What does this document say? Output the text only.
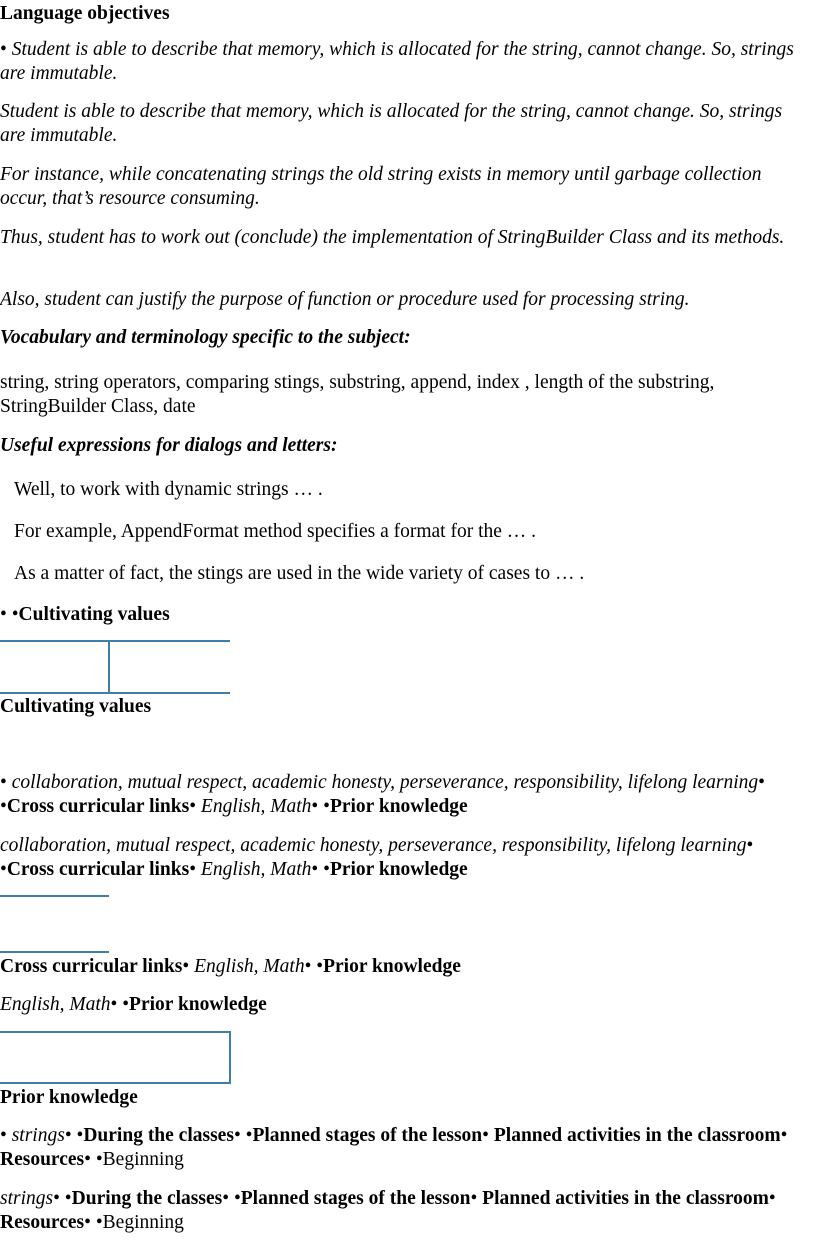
Language objectives
• Student is able to describe that memory, which is allocated for the string, cannot change. So, strings are immutable.
Student is able to describe that memory, which is allocated for the string, cannot change. So, strings are immutable.
For instance, while concatenating strings the old string exists in memory until garbage collection occur, that’s resource consuming.
Thus, student has to work out (conclude) the implementation of StringBuilder Class and its methods.
Also, student can justify the purpose of function or procedure used for processing string.
Vocabulary and terminology specific to the subject:
string, string operators, comparing stings, substring, append, index , length of the substring, StringBuilder Class, date
Useful expressions for dialogs and letters:
Well, to work with dynamic strings … .
For example, AppendFormat method specifies a format for the … .
As a matter of fact, the stings are used in the wide variety of cases to … .
• •Cultivating values
Cultivating values
• collaboration, mutual respect, academic honesty, perseverance, responsibility, lifelong learning• •Cross curricular links• English, Math• •Prior knowledge
collaboration, mutual respect, academic honesty, perseverance, responsibility, lifelong learning• •Cross curricular links• English, Math• •Prior knowledge
Cross curricular links• English, Math• •Prior knowledge
English, Math• •Prior knowledge
Prior knowledge
• strings• •During the classes• •Planned stages of the lesson• Planned activities in the classroom• Resources• •Beginning
strings• •During the classes• •Planned stages of the lesson• Planned activities in the classroom• Resources• •Beginning
